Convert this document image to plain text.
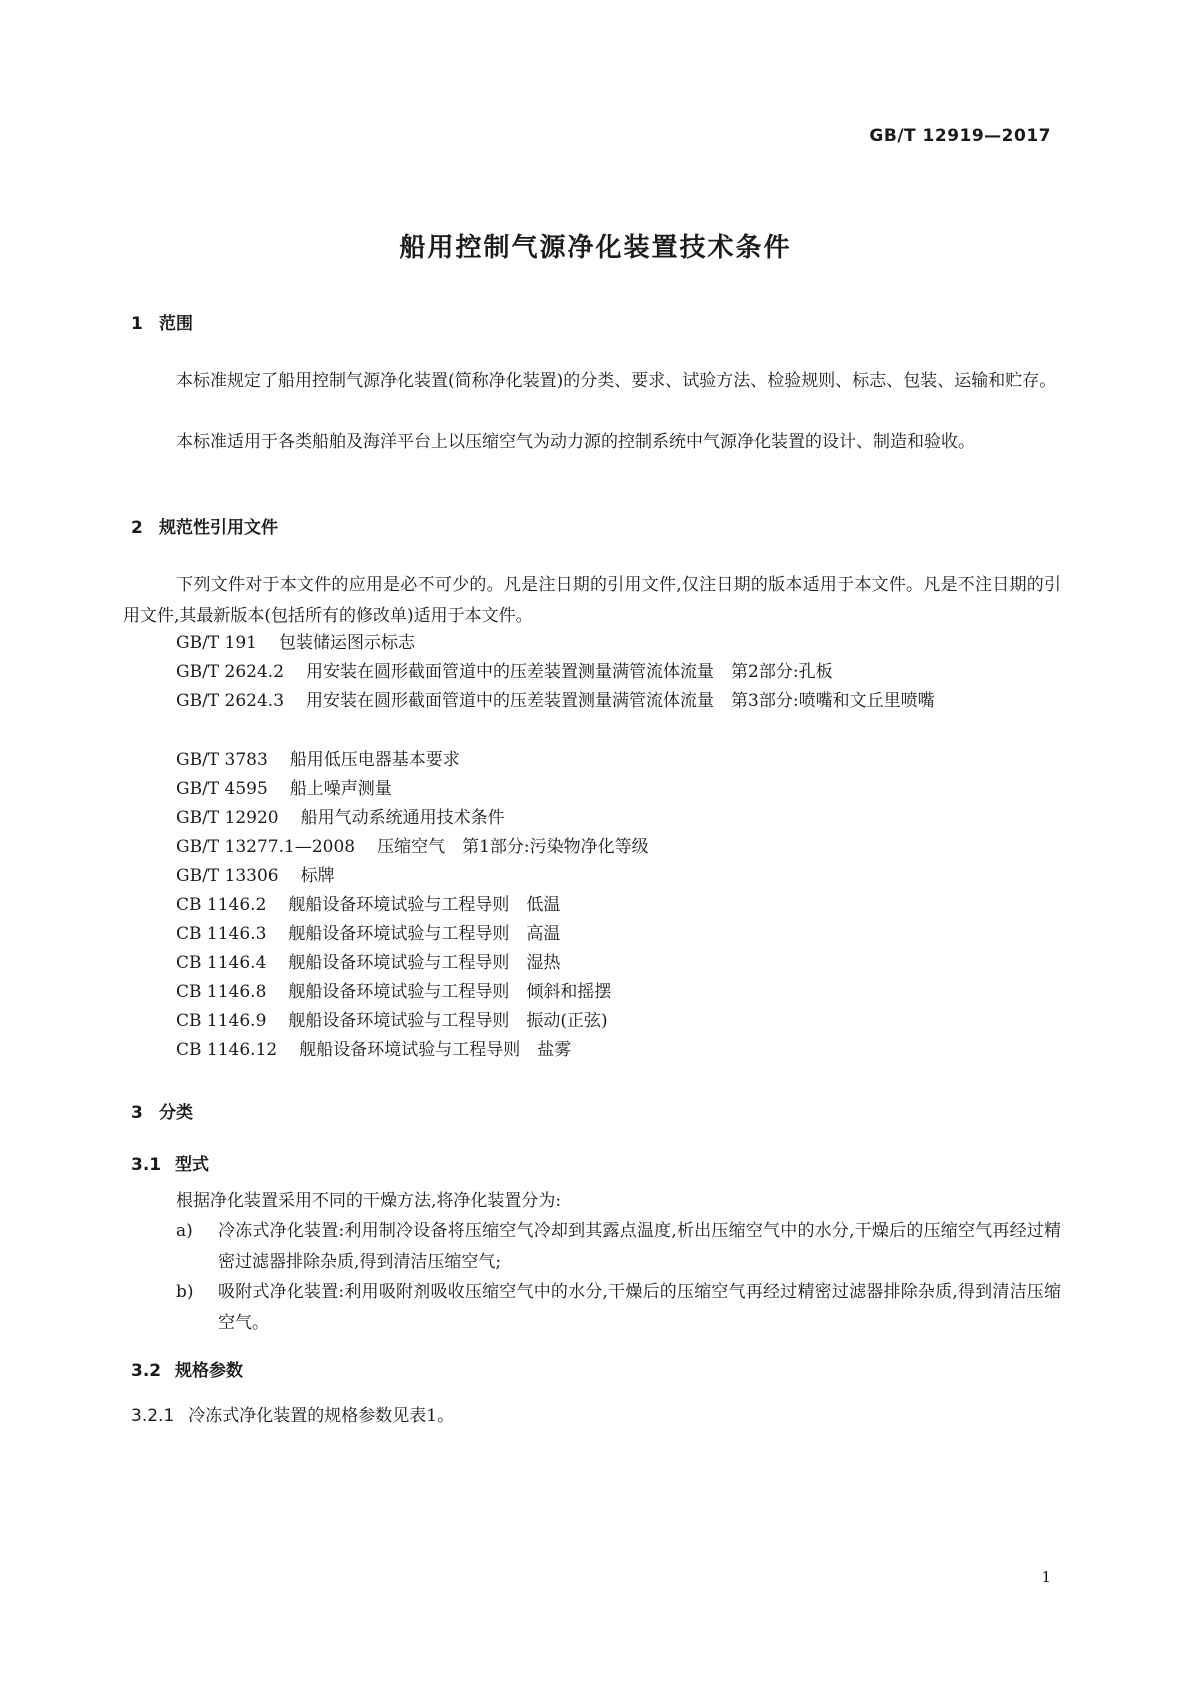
GB/T 12919—2017
船用控制气源净化装置技术条件
1 范围
本标准规定了船用控制气源净化装置(简称净化装置)的分类、要求、试验方法、检验规则、标志、包装、运输和贮存。
本标准适用于各类船舶及海洋平台上以压缩空气为动力源的控制系统中气源净化装置的设计、制造和验收。
2 规范性引用文件
下列文件对于本文件的应用是必不可少的。凡是注日期的引用文件,仅注日期的版本适用于本文件。凡是不注日期的引用文件,其最新版本(包括所有的修改单)适用于本文件。
GB/T 191 包装储运图示标志
GB/T 2624.2 用安装在圆形截面管道中的压差装置测量满管流体流量　第2部分:孔板
GB/T 2624.3 用安装在圆形截面管道中的压差装置测量满管流体流量　第3部分:喷嘴和文丘里喷嘴
GB/T 3783 船用低压电器基本要求
GB/T 4595 船上噪声测量
GB/T 12920 船用气动系统通用技术条件
GB/T 13277.1—2008 压缩空气　第1部分:污染物净化等级
GB/T 13306 标牌
CB 1146.2 舰船设备环境试验与工程导则　低温
CB 1146.3 舰船设备环境试验与工程导则　高温
CB 1146.4 舰船设备环境试验与工程导则　湿热
CB 1146.8 舰船设备环境试验与工程导则　倾斜和摇摆
CB 1146.9 舰船设备环境试验与工程导则　振动(正弦)
CB 1146.12 舰船设备环境试验与工程导则　盐雾
3 分类
3.1 型式
根据净化装置采用不同的干燥方法,将净化装置分为:
a) 冷冻式净化装置:利用制冷设备将压缩空气冷却到其露点温度,析出压缩空气中的水分,干燥后的压缩空气再经过精密过滤器排除杂质,得到清洁压缩空气;
b) 吸附式净化装置:利用吸附剂吸收压缩空气中的水分,干燥后的压缩空气再经过精密过滤器排除杂质,得到清洁压缩空气。
3.2 规格参数
3.2.1 冷冻式净化装置的规格参数见表1。
1
